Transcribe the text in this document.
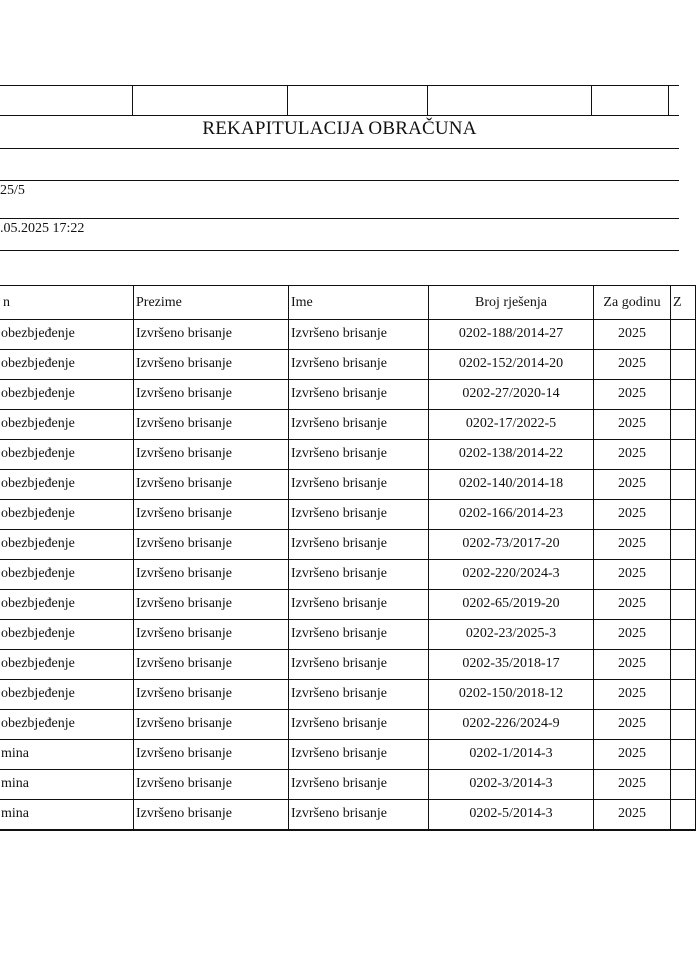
REKAPITULACIJA OBRAČUNA
25/5
.05.2025 17:22
n	Prezime	Ime	Broj rješenja	Za godinu	Z
obezbjeđenje	Izvršeno brisanje	Izvršeno brisanje	0202-188/2014-27	2025	
obezbjeđenje	Izvršeno brisanje	Izvršeno brisanje	0202-152/2014-20	2025	
obezbjeđenje	Izvršeno brisanje	Izvršeno brisanje	0202-27/2020-14	2025	
obezbjeđenje	Izvršeno brisanje	Izvršeno brisanje	0202-17/2022-5	2025	
obezbjeđenje	Izvršeno brisanje	Izvršeno brisanje	0202-138/2014-22	2025	
obezbjeđenje	Izvršeno brisanje	Izvršeno brisanje	0202-140/2014-18	2025	
obezbjeđenje	Izvršeno brisanje	Izvršeno brisanje	0202-166/2014-23	2025	
obezbjeđenje	Izvršeno brisanje	Izvršeno brisanje	0202-73/2017-20	2025	
obezbjeđenje	Izvršeno brisanje	Izvršeno brisanje	0202-220/2024-3	2025	
obezbjeđenje	Izvršeno brisanje	Izvršeno brisanje	0202-65/2019-20	2025	
obezbjeđenje	Izvršeno brisanje	Izvršeno brisanje	0202-23/2025-3	2025	
obezbjeđenje	Izvršeno brisanje	Izvršeno brisanje	0202-35/2018-17	2025	
obezbjeđenje	Izvršeno brisanje	Izvršeno brisanje	0202-150/2018-12	2025	
obezbjeđenje	Izvršeno brisanje	Izvršeno brisanje	0202-226/2024-9	2025	
mina	Izvršeno brisanje	Izvršeno brisanje	0202-1/2014-3	2025	
mina	Izvršeno brisanje	Izvršeno brisanje	0202-3/2014-3	2025	
mina	Izvršeno brisanje	Izvršeno brisanje	0202-5/2014-3	2025	
